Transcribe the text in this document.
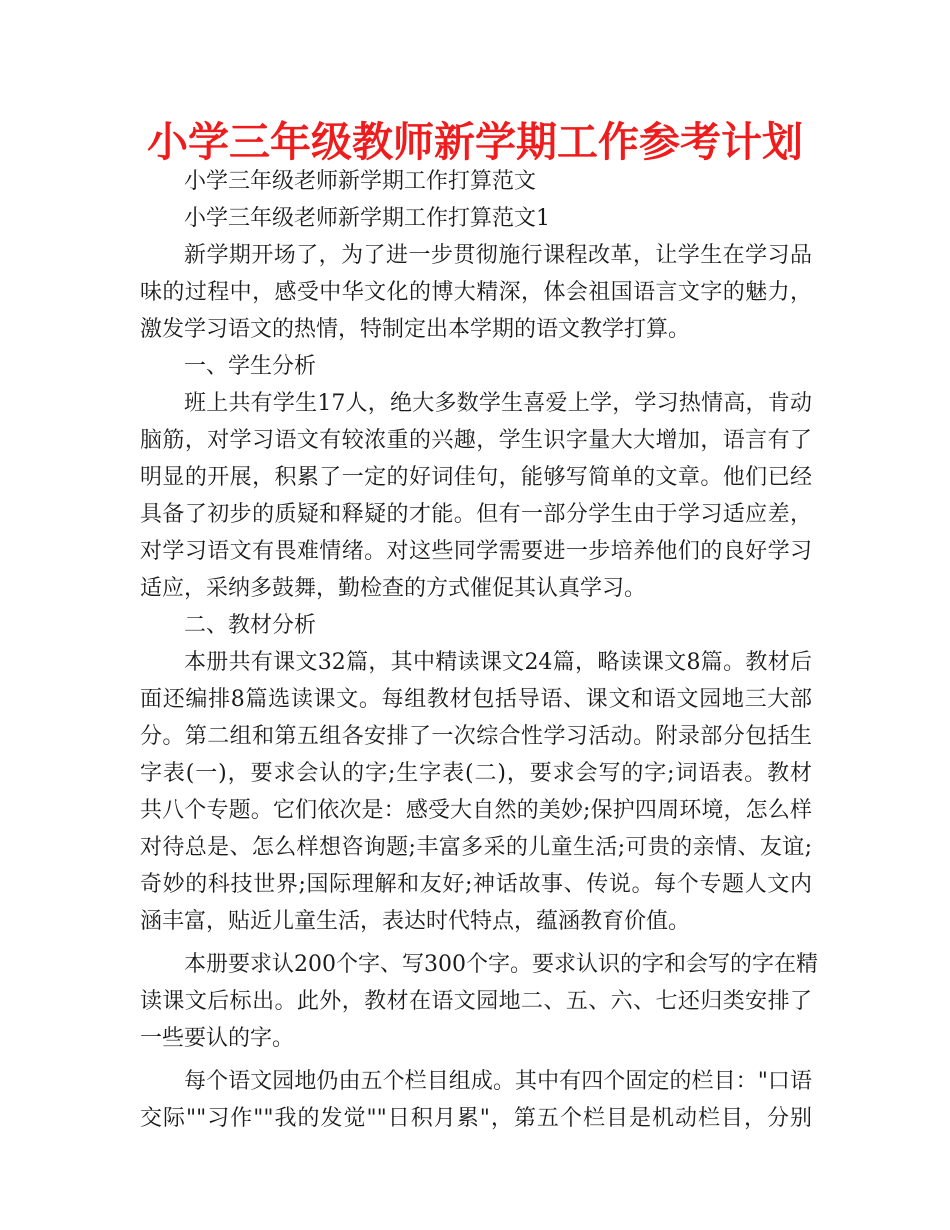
小学三年级教师新学期工作参考计划
小学三年级老师新学期工作打算范文
小学三年级老师新学期工作打算范文1
新学期开场了，为了进一步贯彻施行课程改革，让学生在学习品
味的过程中，感受中华文化的博大精深，体会祖国语言文字的魅力，
激发学习语文的热情，特制定出本学期的语文教学打算。
一、学生分析
班上共有学生17人，绝大多数学生喜爱上学，学习热情高，肯动
脑筋，对学习语文有较浓重的兴趣，学生识字量大大增加，语言有了
明显的开展，积累了一定的好词佳句，能够写简单的文章。他们已经
具备了初步的质疑和释疑的才能。但有一部分学生由于学习适应差，
对学习语文有畏难情绪。对这些同学需要进一步培养他们的良好学习
适应，采纳多鼓舞，勤检查的方式催促其认真学习。
二、教材分析
本册共有课文32篇，其中精读课文24篇，略读课文8篇。教材后
面还编排8篇选读课文。每组教材包括导语、课文和语文园地三大部
分。第二组和第五组各安排了一次综合性学习活动。附录部分包括生
字表(一)，要求会认的字;生字表(二)，要求会写的字;词语表。教材
共八个专题。它们依次是：感受大自然的美妙;保护四周环境，怎么样
对待总是、怎么样想咨询题;丰富多采的儿童生活;可贵的亲情、友谊;
奇妙的科技世界;国际理解和友好;神话故事、传说。每个专题人文内
涵丰富，贴近儿童生活，表达时代特点，蕴涵教育价值。
本册要求认200个字、写300个字。要求认识的字和会写的字在精
读课文后标出。此外，教材在语文园地二、五、六、七还归类安排了
一些要认的字。
每个语文园地仍由五个栏目组成。其中有四个固定的栏目："口语
交际""习作""我的发觉""日积月累"，第五个栏目是机动栏目，分别
